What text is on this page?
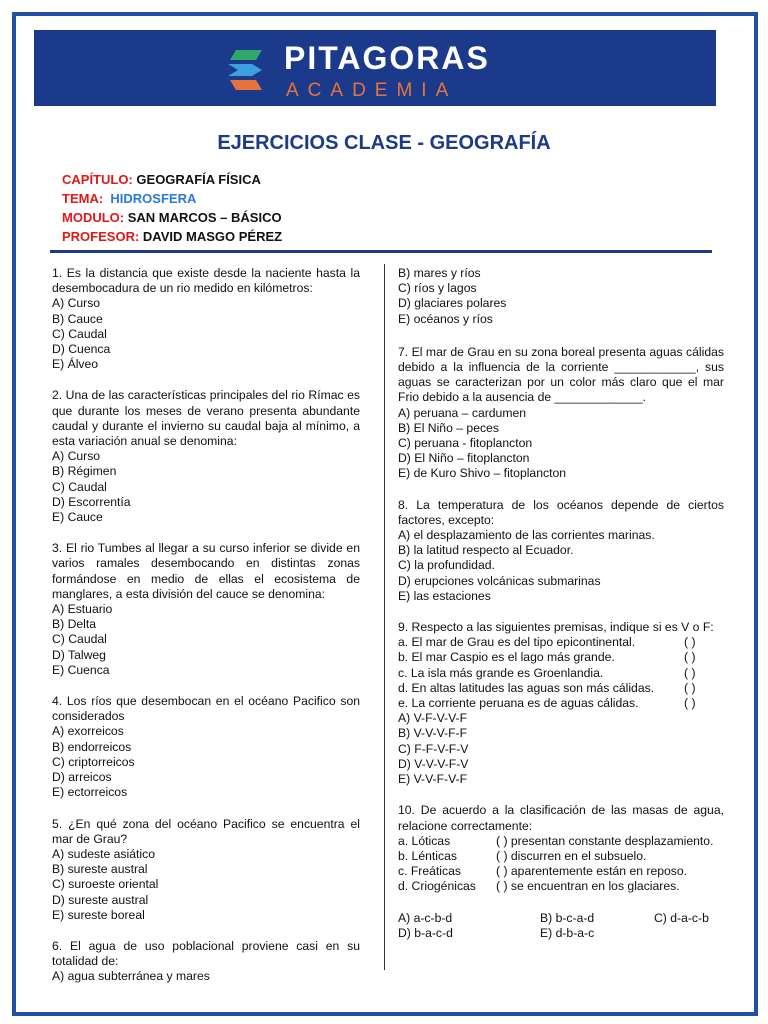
PITAGORAS
ACADEMIA
EJERCICIOS CLASE - GEOGRAFÍA
CAPÍTULO: GEOGRAFÍA FÍSICA
TEMA: HIDROSFERA
MODULO: SAN MARCOS – BÁSICO
PROFESOR: DAVID MASGO PÉREZ

1. Es la distancia que existe desde la naciente hasta la desembocadura de un rio medido en kilómetros:

A) Curso
B) Cauce
C) Caudal
D) Cuenca
E) Álveo

2. Una de las características principales del rio Rímac es que durante los meses de verano presenta abundante caudal y durante el invierno su caudal baja al mínimo, a esta variación anual se denomina:

A) Curso
B) Régimen
C) Caudal
D) Escorrentía
E) Cauce

3. El rio Tumbes al llegar a su curso inferior se divide en varios ramales desembocando en distintas zonas formándose en medio de ellas el ecosistema de manglares, a esta división del cauce se denomina:

A) Estuario
B) Delta
C) Caudal
D) Talweg
E) Cuenca

4. Los ríos que desembocan en el océano Pacifico son considerados

A) exorreicos
B) endorreicos
C) criptorreicos
D) arreicos
E) ectorreicos

5. ¿En qué zona del océano Pacifico se encuentra el mar de Grau?

A) sudeste asiático
B) sureste austral
C) suroeste oriental
D) sureste austral
E) sureste boreal

6. El agua de uso poblacional proviene casi en su totalidad de:

A) agua subterránea y mares
B) mares y ríos
C) ríos y lagos
D) glaciares polares
E) océanos y ríos

7. El mar de Grau en su zona boreal presenta aguas cálidas debido a la influencia de la corriente ____________, sus aguas se caracterizan por un color más claro que el mar Frio debido a la ausencia de _____________.

A) peruana – cardumen
B) El Niño – peces
C) peruana - fitoplancton
D) El Niño – fitoplancton
E) de Kuro Shivo – fitoplancton

8. La temperatura de los océanos depende de ciertos factores, excepto:

A) el desplazamiento de las corrientes marinas.
B) la latitud respecto al Ecuador.
C) la profundidad.
D) erupciones volcánicas submarinas
E) las estaciones

9. Respecto a las siguientes premisas, indique si es V o F:

a. El mar de Grau es del tipo epicontinental.	( )
b. El mar Caspio es el lago más grande.	( )
c. La isla más grande es Groenlandia.	( )
d. En altas latitudes las aguas son más cálidas. ( )
e. La corriente peruana es de aguas cálidas.	( )
A) V-F-V-V-F
B) V-V-V-F-F
C) F-F-V-F-V
D) V-V-V-F-V
E) V-V-F-V-F

10. De acuerdo a la clasificación de las masas de agua, relacione correctamente:

a. Lóticas	( ) presentan constante desplazamiento.
b. Lénticas	( ) discurren en el subsuelo.
c. Freáticas	( ) aparentemente están en reposo.
d. Criogénicas	( ) se encuentran en los glaciares.
A) a-c-b-d	B) b-c-a-d	C) d-a-c-b
D) b-a-c-d	E) d-b-a-c
